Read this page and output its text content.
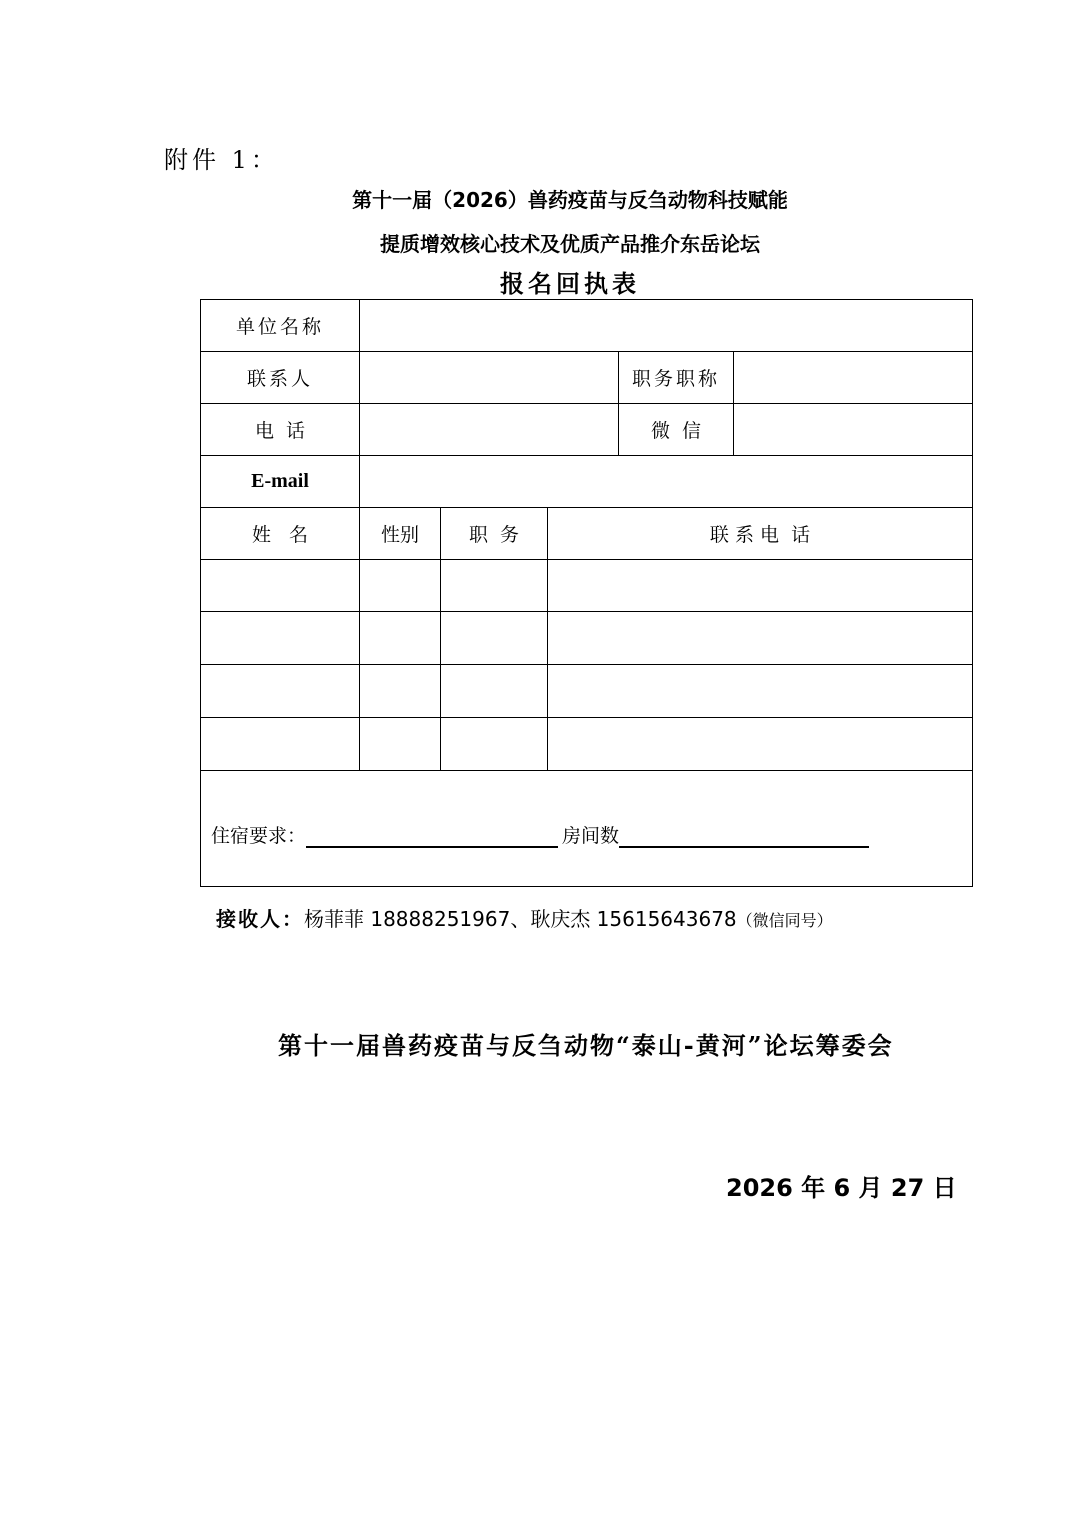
附件 1：
第十一届（2026）兽药疫苗与反刍动物科技赋能
提质增效核心技术及优质产品推介东岳论坛
报名回执表
单位名称
联系人	职务职称
电  话	微  信
E-mail
姓   名	性别	职  务	联 系 电  话
住宿要求：	房间数
接收人：杨菲菲 18888251967、耿庆杰 15615643678（微信同号）
第十一届兽药疫苗与反刍动物“泰山-黄河”论坛筹委会
2026 年 6 月 27 日
